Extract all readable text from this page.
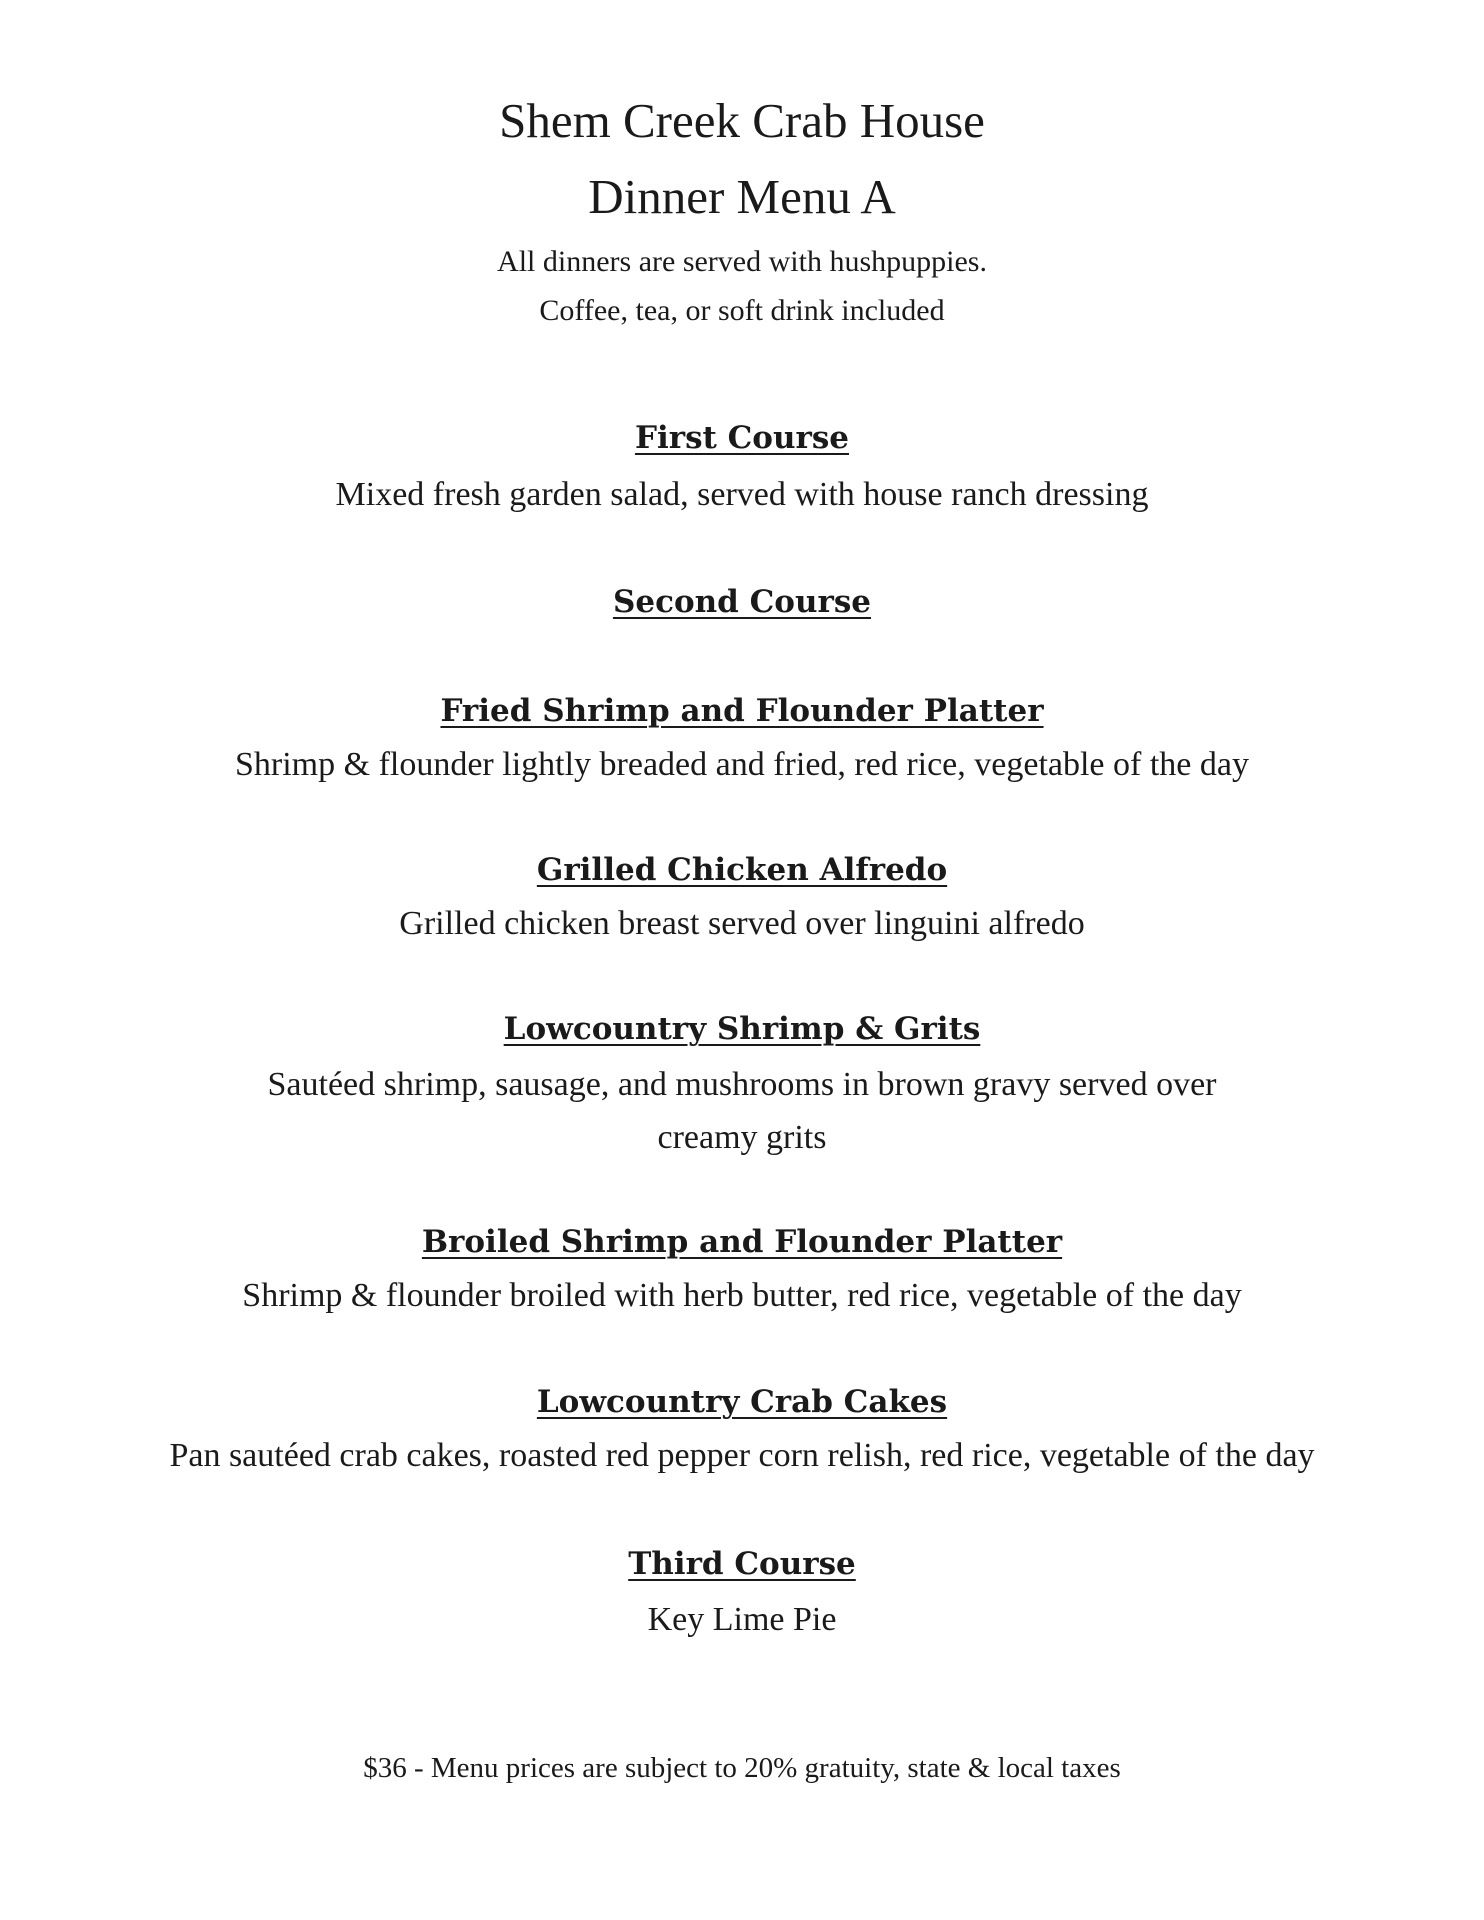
Shem Creek Crab House
Dinner Menu A
All dinners are served with hushpuppies.
Coffee, tea, or soft drink included
First Course
Mixed fresh garden salad, served with house ranch dressing
Second Course
Fried Shrimp and Flounder Platter
Shrimp & flounder lightly breaded and fried, red rice, vegetable of the day
Grilled Chicken Alfredo
Grilled chicken breast served over linguini alfredo
Lowcountry Shrimp & Grits
Sautéed shrimp, sausage, and mushrooms in brown gravy served over
creamy grits
Broiled Shrimp and Flounder Platter
Shrimp & flounder broiled with herb butter, red rice, vegetable of the day
Lowcountry Crab Cakes
Pan sautéed crab cakes, roasted red pepper corn relish, red rice, vegetable of the day
Third Course
Key Lime Pie
$36 - Menu prices are subject to 20% gratuity, state & local taxes
